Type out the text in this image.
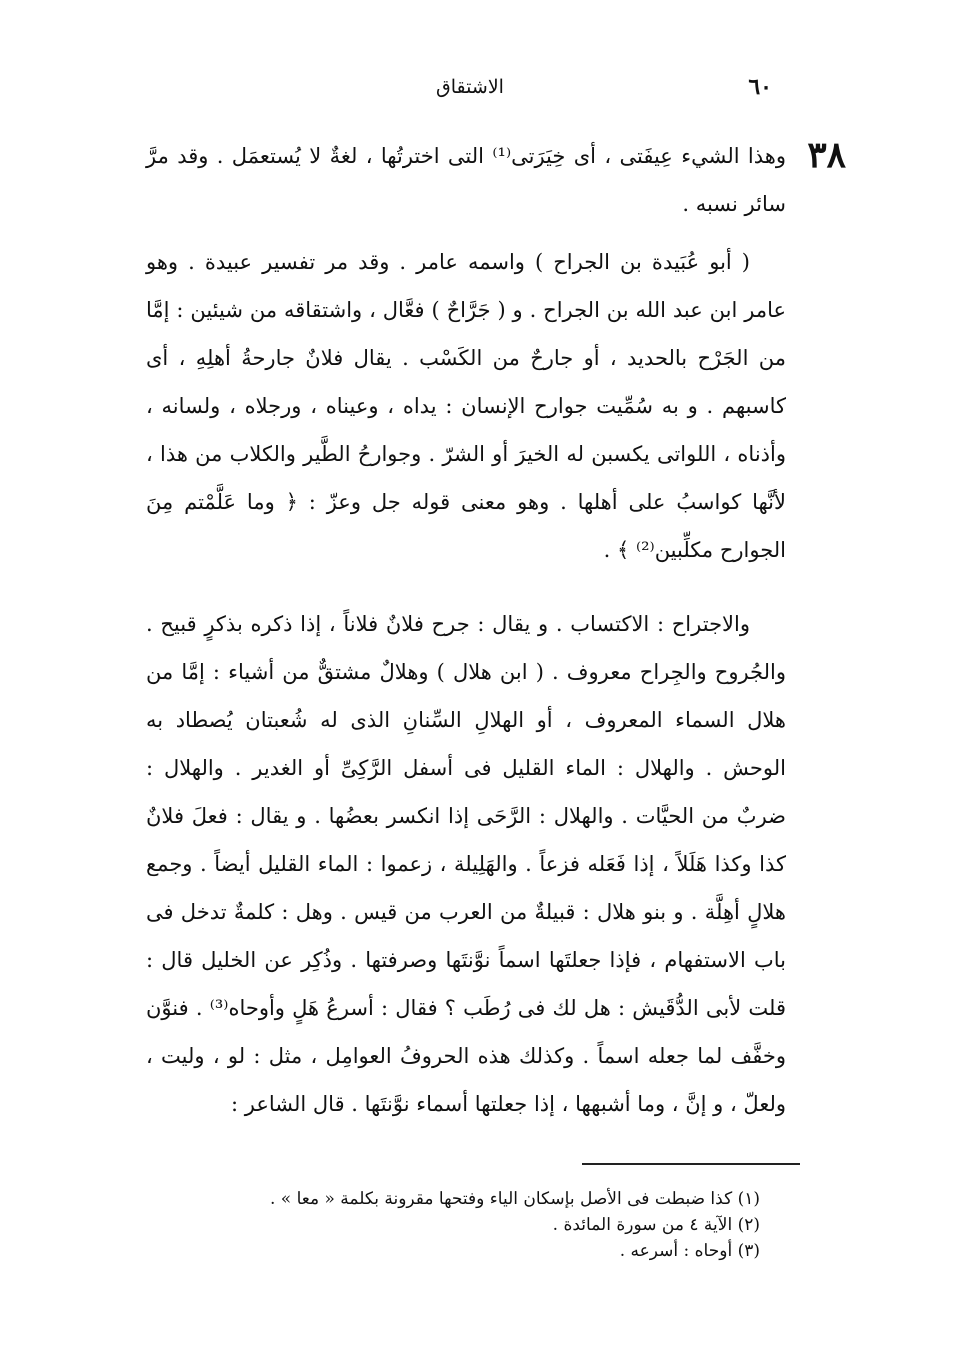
٦٠
الاشتقاق
٣٨

وهذا الشيء عِيفَتى ، أى خِيَرَتى⁽¹⁾ التى اخترتُها ، لغةٌ لا يُستعمَل . وقد مرَّ سائر نسبه .

( أبو عُبَيدة بن الجراح ) واسمه عامر . وقد مر تفسير عبيدة . وهو عامر ابن عبد الله بن الجراح . و ( جَرَّاحٌ ) فعَّال ، واشتقاقه من شيئين : إمَّا من الجَرْح بالحديد ، أو جارحٌ من الكَسْب . يقال فلانٌ جارحةُ أهلِهِ ، أى كاسبهم . و به سُمِّيت جوارح الإنسان : يداه ، وعيناه ، ورجلاه ، ولسانه ، وأذناه ، اللواتى يكسبن له الخيرَ أو الشرّ . وجوارحُ الطَّير والكلاب من هذا ، لأنَّها كواسبُ على أهلها . وهو معنى قوله جل وعزّ : ﴿ وما عَلَّمْتم مِنَ الجوارح مكلِّبين⁽²⁾ ﴾ .

والاجتراح : الاكتساب . و يقال : جرح فلانٌ فلاناً ، إذا ذكره بذكرٍ قبيح . والجُروح والجِراح معروف . ( ابن هلال ) وهلالٌ مشتقٌّ من أشياء : إمَّا من هلال السماء المعروف ، أو الهلالِ السِّنانِ الذى له شُعبتان يُصطاد به الوحش . والهلال : الماء القليل فى أسفل الرَّكِىِّ أو الغدير . والهلال : ضربٌ من الحيَّات . والهلال : الرَّحَى إذا انكسر بعضُها . و يقال : فعلَ فلانٌ كذا وكذا هَلَلاً ، إذا فَعَله فزعاً . والهَلِيلة ، زعموا : الماء القليل أيضاً . وجمع هلالٍ أهِلَّة . و بنو هلال : قبيلةٌ من العرب من قيس . وهل : كلمةٌ تدخل فى باب الاستفهام ، فإذا جعلتَها اسماً نوَّنتَها وصرفتها . وذُكِر عن الخليل قال : قلت لأبى الدُّقَيش : هل لك فى رُطَب ؟ فقال : أسرعُ هَلٍ وأوحاه⁽³⁾ . فنوَّن وخفَّف لما جعله اسماً . وكذلك هذه الحروفُ العوامِل ، مثل : لو ، وليت ، ولعلّ ، و إنَّ ، وما أشبهها ، إذا جعلتها أسماء نوَّنتَها . قال الشاعر :

(١) كذا ضبطت فى الأصل بإسكان الياء وفتحها مقرونة بكلمة « معا » .
(٢) الآية ٤ من سورة المائدة .
(٣) أوحاه : أسرعه .
